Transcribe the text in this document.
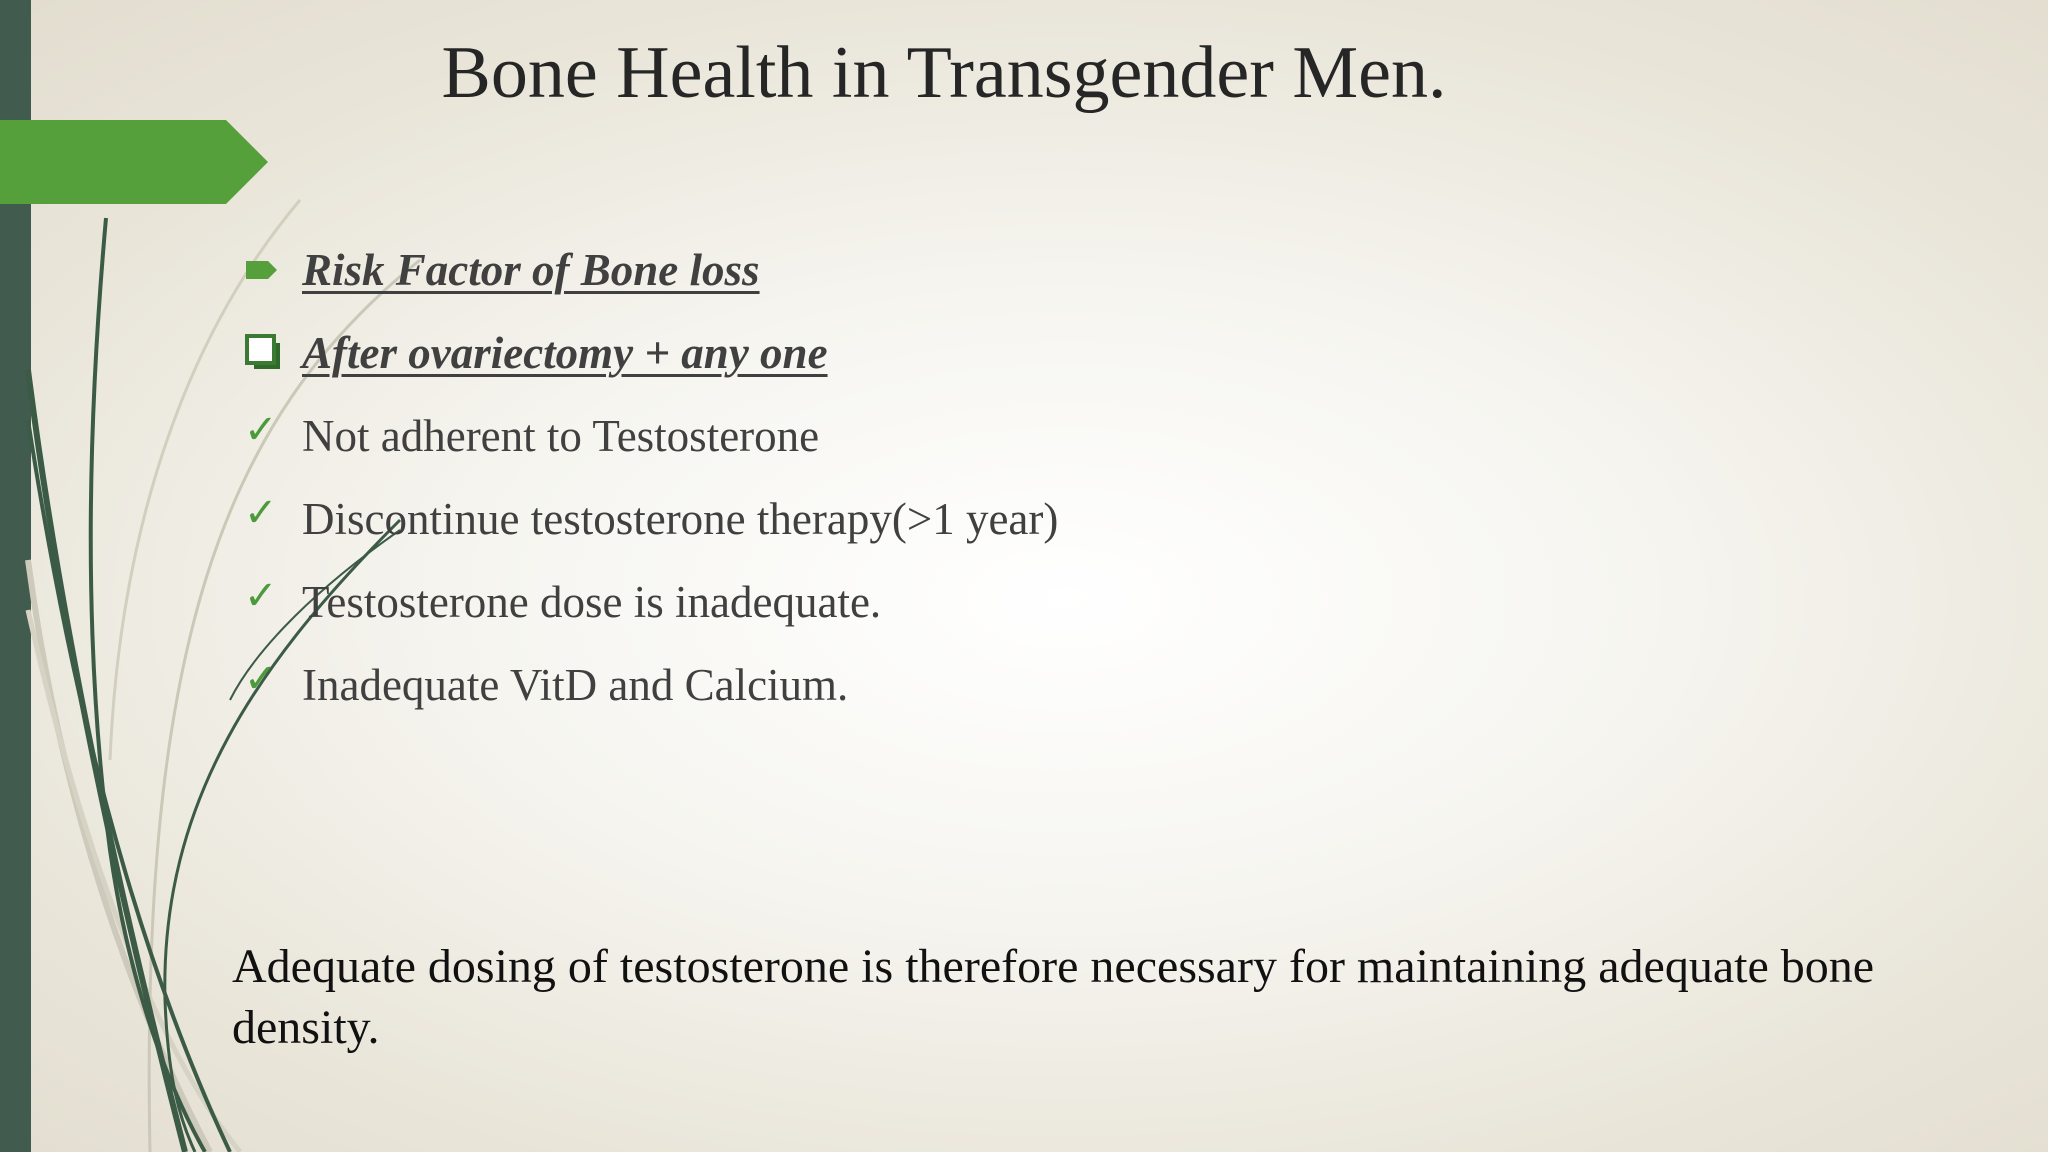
Bone Health in Transgender Men.
Risk Factor of Bone loss
After ovariectomy + any one
✓ Not adherent to Testosterone
✓ Discontinue testosterone therapy(>1 year)
✓ Testosterone dose is inadequate.
✓ Inadequate VitD and Calcium.
Adequate dosing of testosterone is therefore necessary for maintaining adequate bone density.
